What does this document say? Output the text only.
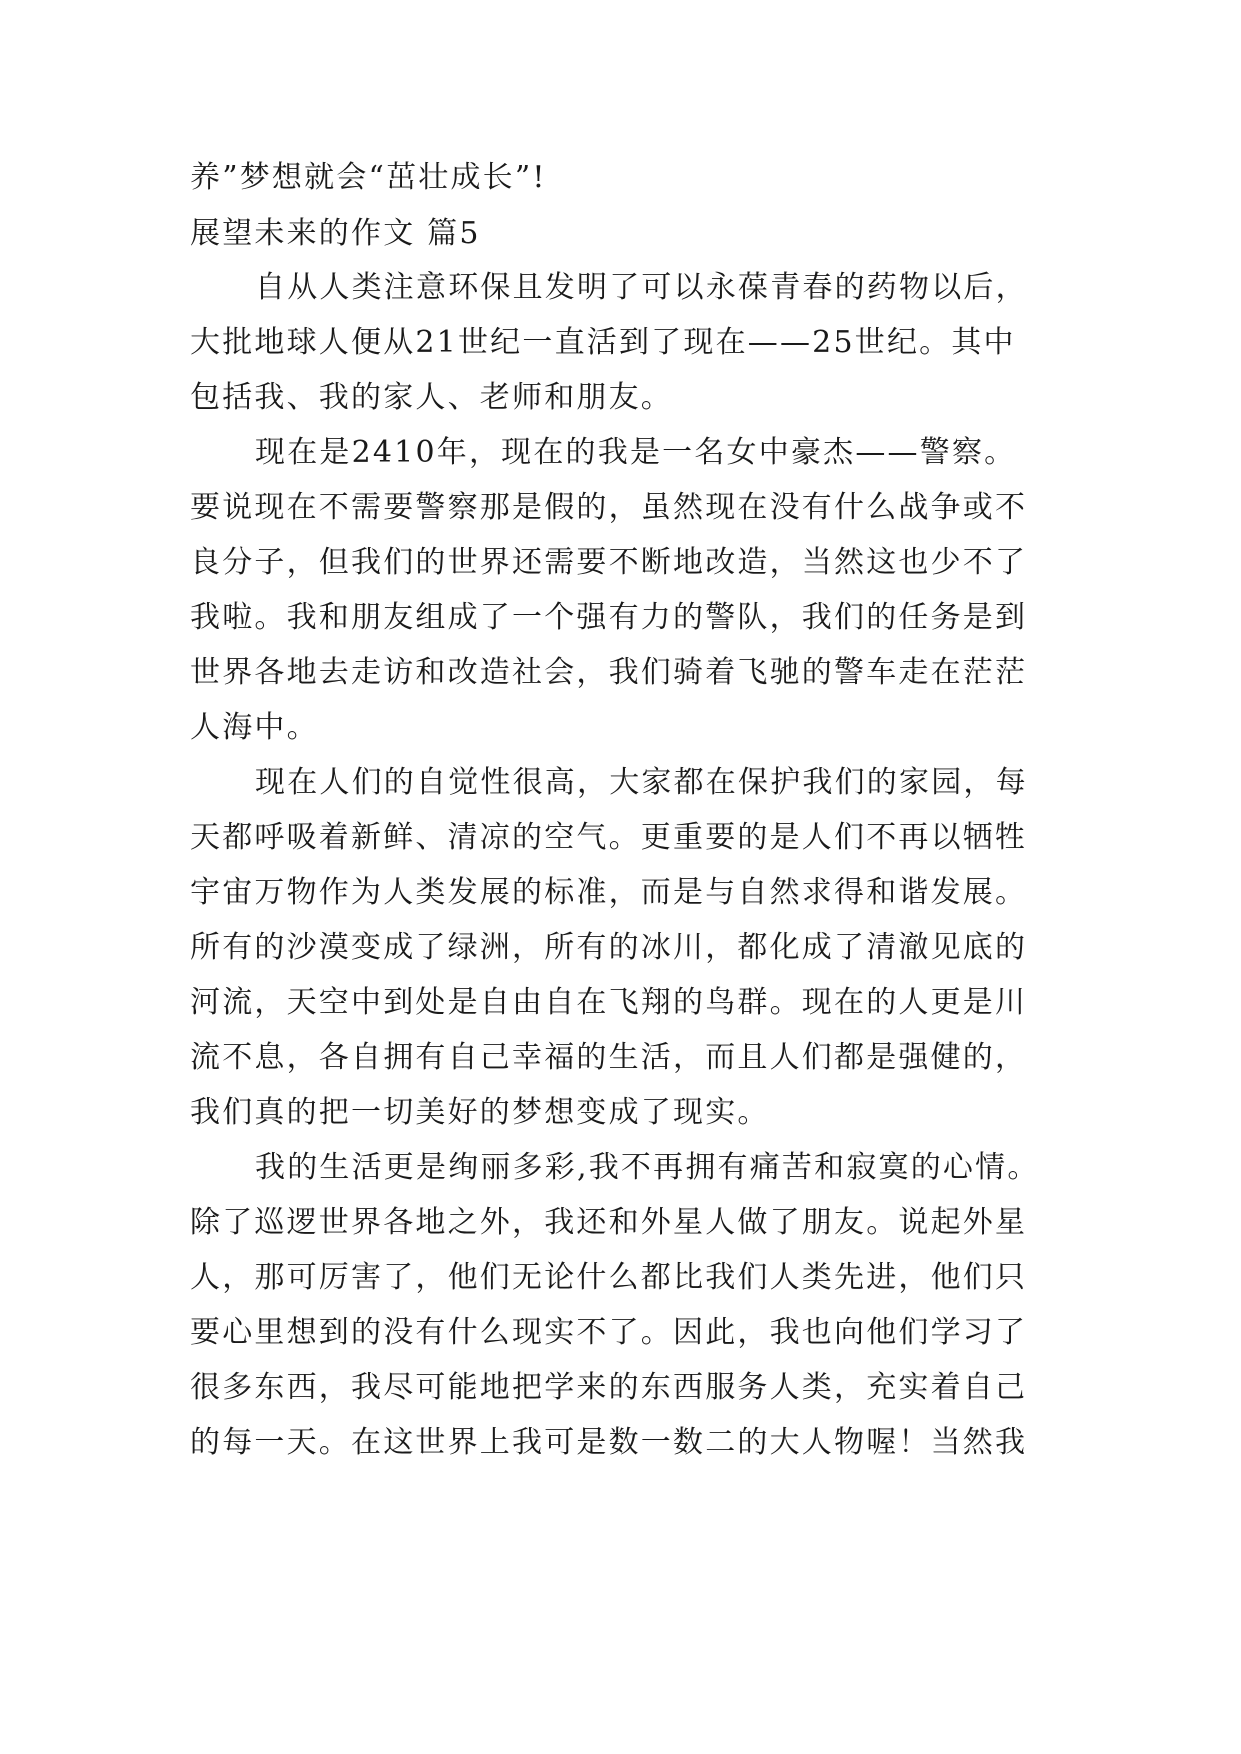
养”梦想就会“茁壮成长”!

展望未来的作文 篇5

自从人类注意环保且发明了可以永葆青春的药物以后，

大批地球人便从21世纪一直活到了现在——25世纪。其中

包括我、我的家人、老师和朋友。

现在是2410年，现在的我是一名女中豪杰——警察。

要说现在不需要警察那是假的，虽然现在没有什么战争或不

良分子，但我们的世界还需要不断地改造，当然这也少不了

我啦。我和朋友组成了一个强有力的警队，我们的任务是到

世界各地去走访和改造社会，我们骑着飞驰的警车走在茫茫

人海中。

现在人们的自觉性很高，大家都在保护我们的家园，每

天都呼吸着新鲜、清凉的空气。更重要的是人们不再以牺牲

宇宙万物作为人类发展的标准，而是与自然求得和谐发展。

所有的沙漠变成了绿洲，所有的冰川，都化成了清澈见底的

河流，天空中到处是自由自在飞翔的鸟群。现在的人更是川

流不息，各自拥有自己幸福的生活，而且人们都是强健的，

我们真的把一切美好的梦想变成了现实。

我的生活更是绚丽多彩,我不再拥有痛苦和寂寞的心情。

除了巡逻世界各地之外，我还和外星人做了朋友。说起外星

人，那可厉害了，他们无论什么都比我们人类先进，他们只

要心里想到的没有什么现实不了。因此，我也向他们学习了

很多东西，我尽可能地把学来的东西服务人类，充实着自己

的每一天。在这世界上我可是数一数二的大人物喔！当然我
